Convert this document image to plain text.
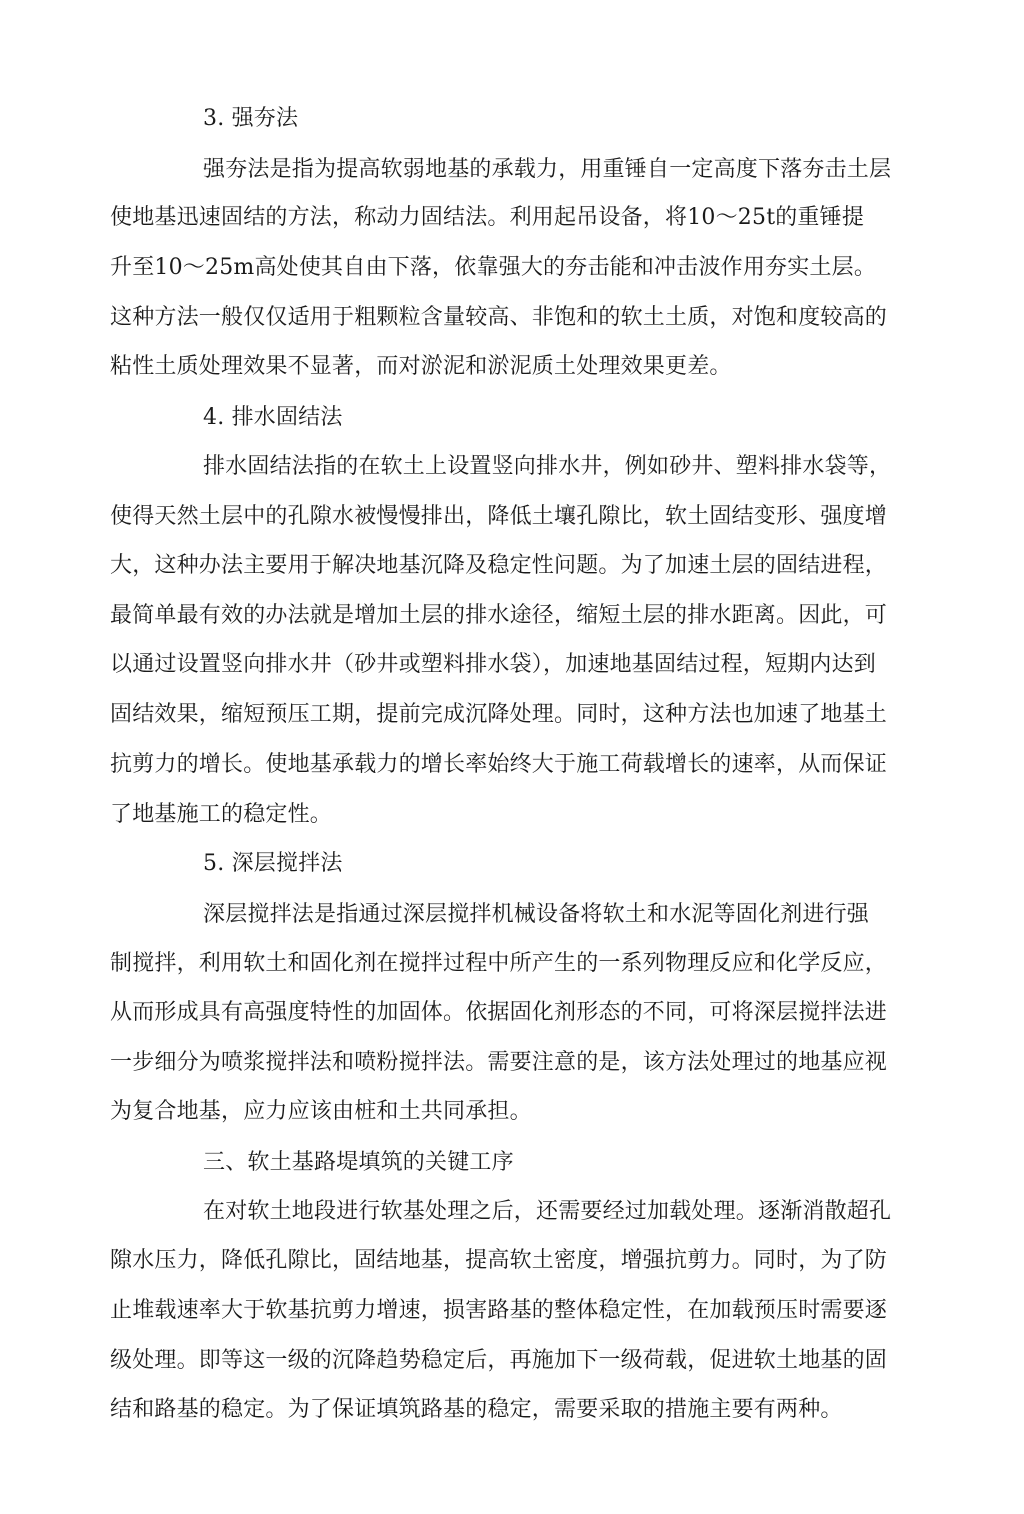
3. 强夯法
强夯法是指为提高软弱地基的承载力，用重锤自一定高度下落夯击土层
使地基迅速固结的方法，称动力固结法。利用起吊设备，将10～25t的重锤提
升至10～25m高处使其自由下落，依靠强大的夯击能和冲击波作用夯实土层。
这种方法一般仅仅适用于粗颗粒含量较高、非饱和的软土土质，对饱和度较高的
粘性土质处理效果不显著，而对淤泥和淤泥质土处理效果更差。
4. 排水固结法
排水固结法指的在软土上设置竖向排水井，例如砂井、塑料排水袋等，
使得天然土层中的孔隙水被慢慢排出，降低土壤孔隙比，软土固结变形、强度增
大，这种办法主要用于解决地基沉降及稳定性问题。为了加速土层的固结进程，
最简单最有效的办法就是增加土层的排水途径，缩短土层的排水距离。因此，可
以通过设置竖向排水井（砂井或塑料排水袋），加速地基固结过程，短期内达到
固结效果，缩短预压工期，提前完成沉降处理。同时，这种方法也加速了地基土
抗剪力的增长。使地基承载力的增长率始终大于施工荷载增长的速率，从而保证
了地基施工的稳定性。
5. 深层搅拌法
深层搅拌法是指通过深层搅拌机械设备将软土和水泥等固化剂进行强
制搅拌，利用软土和固化剂在搅拌过程中所产生的一系列物理反应和化学反应，
从而形成具有高强度特性的加固体。依据固化剂形态的不同，可将深层搅拌法进
一步细分为喷浆搅拌法和喷粉搅拌法。需要注意的是，该方法处理过的地基应视
为复合地基，应力应该由桩和土共同承担。
三、软土基路堤填筑的关键工序
在对软土地段进行软基处理之后，还需要经过加载处理。逐渐消散超孔
隙水压力，降低孔隙比，固结地基，提高软土密度，增强抗剪力。同时，为了防
止堆载速率大于软基抗剪力增速，损害路基的整体稳定性，在加载预压时需要逐
级处理。即等这一级的沉降趋势稳定后，再施加下一级荷载，促进软土地基的固
结和路基的稳定。为了保证填筑路基的稳定，需要采取的措施主要有两种。
